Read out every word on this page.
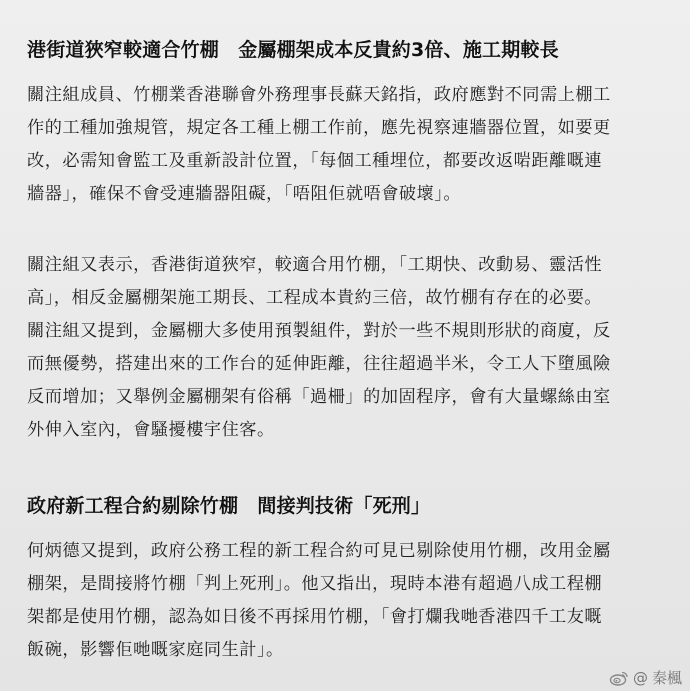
港街道狹窄較適合竹棚　金屬棚架成本反貴約3倍、施工期較長
關注組成員、竹棚業香港聯會外務理事長蘇天銘指，政府應對不同需上棚工
作的工種加強規管，規定各工種上棚工作前，應先視察連牆器位置，如要更
改，必需知會監工及重新設計位置，「每個工種埋位，都要改返啱距離嘅連
牆器」，確保不會受連牆器阻礙，「唔阻佢就唔會破壞」。
關注組又表示，香港街道狹窄，較適合用竹棚，「工期快、改動易、靈活性
高」，相反金屬棚架施工期長、工程成本貴約三倍，故竹棚有存在的必要。
關注組又提到，金屬棚大多使用預製組件，對於一些不規則形狀的商廈，反
而無優勢，搭建出來的工作台的延伸距離，往往超過半米，令工人下墮風險
反而增加；又舉例金屬棚架有俗稱「過柵」的加固程序，會有大量螺絲由室
外伸入室內，會騷擾樓宇住客。
政府新工程合約剔除竹棚　間接判技術「死刑」
何炳德又提到，政府公務工程的新工程合約可見已剔除使用竹棚，改用金屬
棚架，是間接將竹棚「判上死刑」。他又指出，現時本港有超過八成工程棚
架都是使用竹棚，認為如日後不再採用竹棚，「會打爛我哋香港四千工友嘅
飯碗，影響佢哋嘅家庭同生計」。
@ 秦楓
